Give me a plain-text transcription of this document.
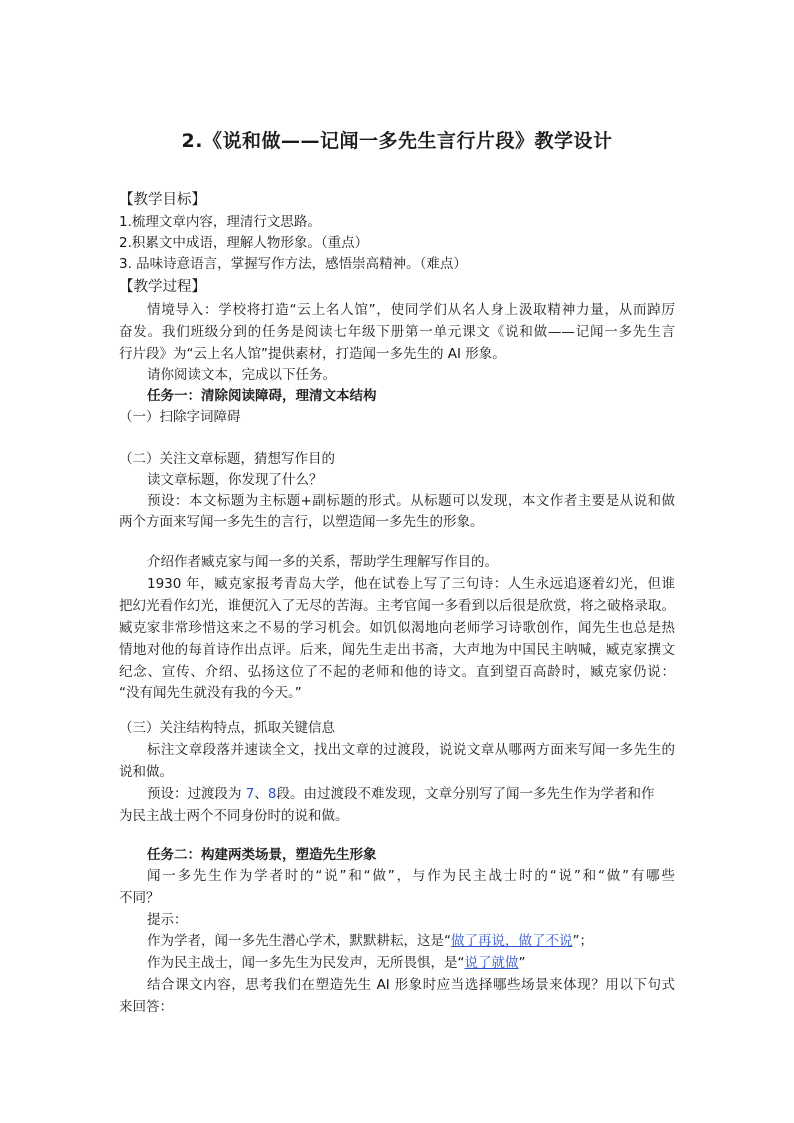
2.《说和做——记闻一多先生言行片段》教学设计
【教学目标】
1.梳理文章内容，理清行文思路。
2.积累文中成语，理解人物形象。（重点）
3. 品味诗意语言，掌握写作方法，感悟崇高精神。（难点）
【教学过程】
情境导入：学校将打造“云上名人馆”，使同学们从名人身上汲取精神力量，从而踔厉
奋发。我们班级分到的任务是阅读七年级下册第一单元课文《说和做——记闻一多先生言
行片段》为“云上名人馆”提供素材，打造闻一多先生的 AI 形象。
请你阅读文本，完成以下任务。
任务一：清除阅读障碍，理清文本结构
（一）扫除字词障碍
（二）关注文章标题，猜想写作目的
读文章标题，你发现了什么？
预设：本文标题为主标题+副标题的形式。从标题可以发现，本文作者主要是从说和做
两个方面来写闻一多先生的言行，以塑造闻一多先生的形象。
介绍作者臧克家与闻一多的关系，帮助学生理解写作目的。
1930 年，臧克家报考青岛大学，他在试卷上写了三句诗：人生永远追逐着幻光，但谁
把幻光看作幻光，谁便沉入了无尽的苦海。主考官闻一多看到以后很是欣赏，将之破格录取。
臧克家非常珍惜这来之不易的学习机会。如饥似渴地向老师学习诗歌创作，闻先生也总是热
情地对他的每首诗作出点评。后来，闻先生走出书斋，大声地为中国民主呐喊，臧克家撰文
纪念、宣传、介绍、弘扬这位了不起的老师和他的诗文。直到望百高龄时，臧克家仍说：
“没有闻先生就没有我的今天。”
（三）关注结构特点，抓取关键信息
标注文章段落并速读全文，找出文章的过渡段，说说文章从哪两方面来写闻一多先生的
说和做。
预设：过渡段为 7、8段。由过渡段不难发现，文章分别写了闻一多先生作为学者和作
为民主战士两个不同身份时的说和做。
任务二：构建两类场景，塑造先生形象
闻一多先生作为学者时的“说”和“做”，与作为民主战士时的“说”和“做”有哪些
不同？
提示：
作为学者，闻一多先生潜心学术，默默耕耘，这是“做了再说，做了不说”；
作为民主战士，闻一多先生为民发声，无所畏惧，是“说了就做”
结合课文内容，思考我们在塑造先生 AI 形象时应当选择哪些场景来体现？用以下句式
来回答：
